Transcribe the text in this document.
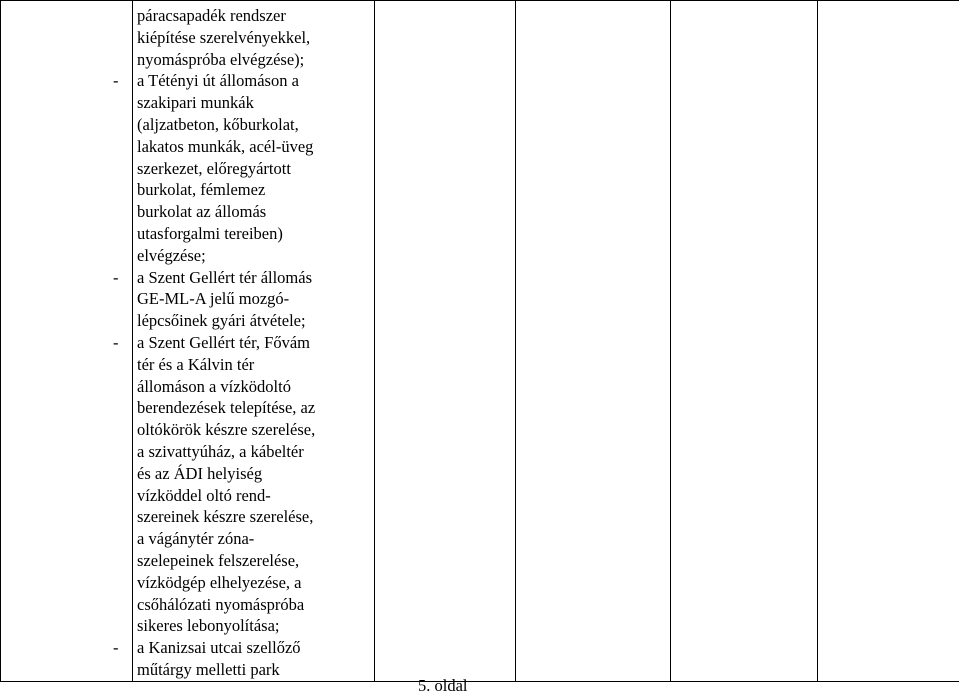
páracsapadék rendszer
kiépítése szerelvényekkel,
nyomáspróba elvégzése);
- a Tétényi út állomáson a
szakipari munkák
(aljzatbeton, kőburkolat,
lakatos munkák, acél-üveg
szerkezet, előregyártott
burkolat, fémlemez
burkolat az állomás
utasforgalmi tereiben)
elvégzése;
- a Szent Gellért tér állomás
GE-ML-A jelű mozgó-
lépcsőinek gyári átvétele;
- a Szent Gellért tér, Fővám
tér és a Kálvin tér
állomáson a vízködoltó
berendezések telepítése, az
oltókörök készre szerelése,
a szivattyúház, a kábeltér
és az ÁDI helyiség
vízköddel oltó rend-
szereinek készre szerelése,
a vágánytér zóna-
szelepeinek felszerelése,
vízködgép elhelyezése, a
csőhálózati nyomáspróba
sikeres lebonyolítása;
- a Kanizsai utcai szellőző
műtárgy melletti park

5. oldal
